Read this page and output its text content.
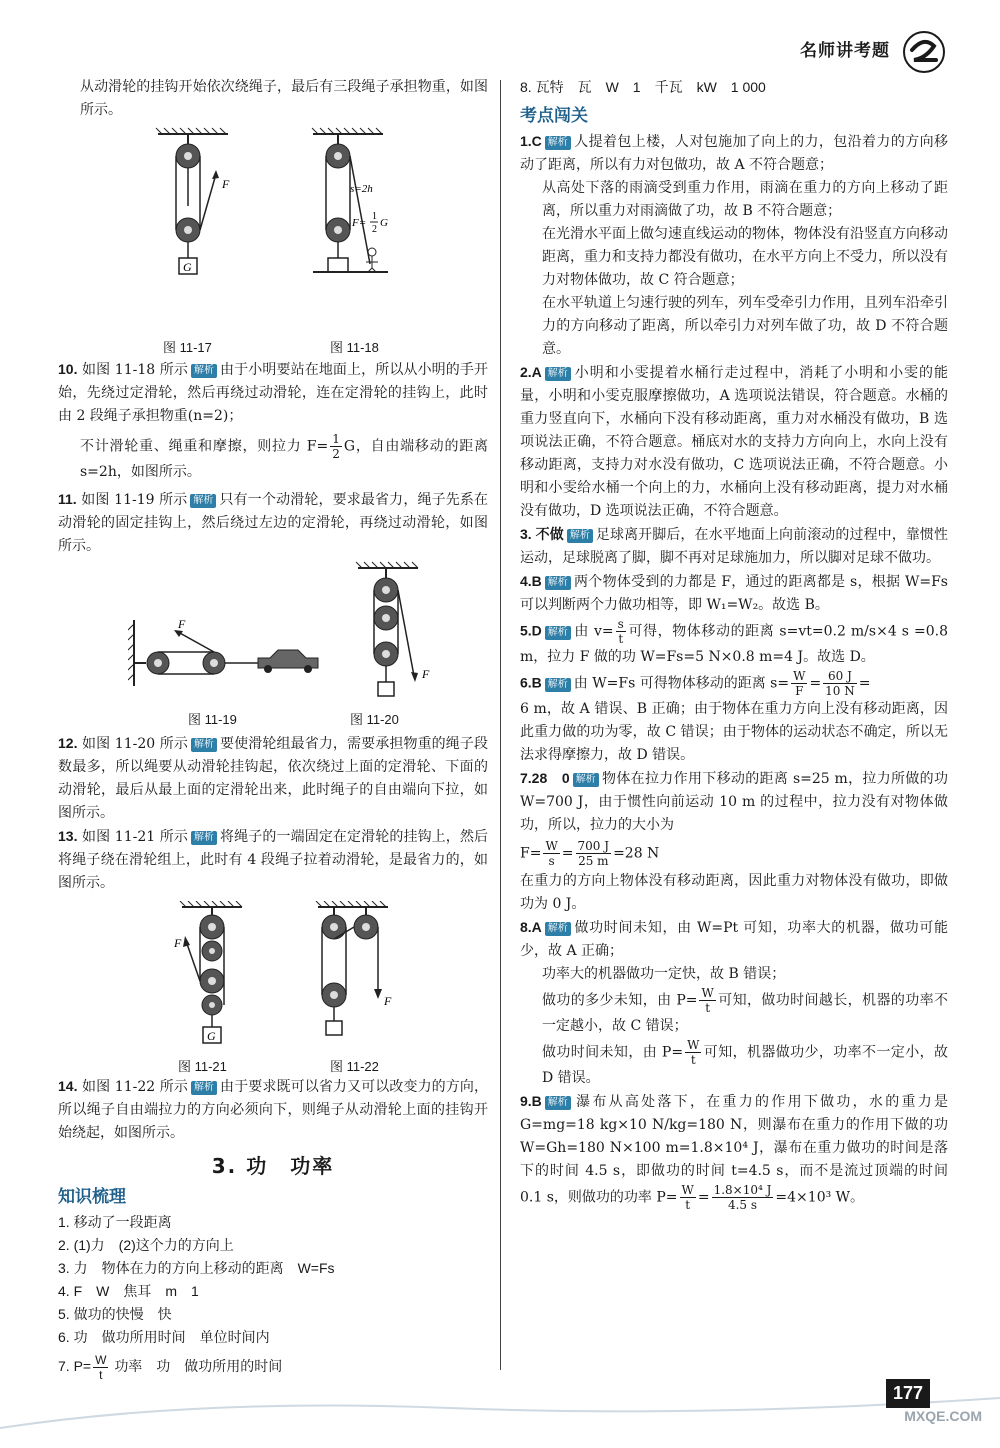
名师讲考题

从动滑轮的挂钩开始依次绕绳子，最后有三段绳子承担物重，如图所示。

F
G
s=2h
F=
1
2
G
图 11-17	图 11-18

10. 如图 11-18 所示 解析 由于小明要站在地面上，所以从小明的手开始，先绕过定滑轮，然后再绕过动滑轮，连在定滑轮的挂钩上，此时由 2 段绳子承担物重(n=2)；

不计滑轮重、绳重和摩擦，则拉力 $F= \frac{1}{2}$ G，自由端移动的距离 s=2h，如图所示。

11. 如图 11-19 所示 解析 只有一个动滑轮，要求最省力，绳子先系在动滑轮的固定挂钩上，然后绕过左边的定滑轮，再绕过动滑轮，如图所示。

F
F
图 11-19	图 11-20

12. 如图 11-20 所示 解析 要使滑轮组最省力，需要承担物重的绳子段数最多，所以绳要从动滑轮挂钩起，依次绕过上面的定滑轮、下面的动滑轮，最后从最上面的定滑轮出来，此时绳子的自由端向下拉，如图所示。

13. 如图 11-21 所示 解析 将绳子的一端固定在定滑轮的挂钩上，然后将绳子绕在滑轮组上，此时有 4 段绳子拉着动滑轮，是最省力的，如图所示。

F
G
F
图 11-21	图 11-22

14. 如图 11-22 所示 解析 由于要求既可以省力又可以改变力的方向，所以绳子自由端拉力的方向必须向下，则绳子从动滑轮上面的挂钩开始绕起，如图所示。

3. 功　功率
知识梳理
1. 移动了一段距离
2. (1)力　(2)这个力的方向上
3. 力　物体在力的方向上移动的距离　W=Fs
4. F　W　焦耳　m　1
5. 做功的快慢　快
6. 功　做功所用时间　单位时间内
7. $P= \frac{W}{t}$ 功率　功　做功所用的时间
8. 瓦特　瓦　W　1　千瓦　kW　1 000
考点闯关

1.C 解析 人提着包上楼，人对包施加了向上的力，包沿着力的方向移动了距离，所以有力对包做功，故 A 不符合题意；

从高处下落的雨滴受到重力作用，雨滴在重力的方向上移动了距离，所以重力对雨滴做了功，故 B 不符合题意；

在光滑水平面上做匀速直线运动的物体，物体没有沿竖直方向移动距离，重力和支持力都没有做功，在水平方向上不受力，所以没有力对物体做功，故 C 符合题意；

在水平轨道上匀速行驶的列车，列车受牵引力作用，且列车沿牵引力的方向移动了距离，所以牵引力对列车做了功，故 D 不符合题意。

2.A 解析 小明和小雯提着水桶行走过程中，消耗了小明和小雯的能量，小明和小雯克服摩擦做功，A 选项说法错误，符合题意。水桶的重力竖直向下，水桶向下没有移动距离，重力对水桶没有做功，B 选项说法正确，不符合题意。桶底对水的支持力方向向上，水向上没有移动距离，支持力对水没有做功，C 选项说法正确，不符合题意。小明和小雯给水桶一个向上的力，水桶向上没有移动距离，提力对水桶没有做功，D 选项说法正确，不符合题意。

3. 不做 解析 足球离开脚后，在水平地面上向前滚动的过程中，靠惯性运动，足球脱离了脚，脚不再对足球施加力，所以脚对足球不做功。

4.B 解析 两个物体受到的力都是 F，通过的距离都是 s，根据 W=Fs 可以判断两个力做功相等，即 W₁=W₂。故选 B。

5.D 解析 由 $v= \frac{s}{t}$ 可得，物体移动的距离 s=vt=0.2 m/s×4 s =0.8 m，拉力 F 做的功 W=Fs=5 N×0.8 m=4 J。故选 D。

6.B 解析 由 W=Fs 可得物体移动的距离 $s= \frac{W}{F} = \frac{60 J}{10 N}$ =

6 m，故 A 错误、B 正确；由于物体在重力方向上没有移动距离，因此重力做的功为零，故 C 错误；由于物体的运动状态不确定，所以无法求得摩擦力，故 D 错误。

7.28　0 解析 物体在拉力作用下移动的距离 s=25 m，拉力所做的功 W=700 J，由于惯性向前运动 10 m 的过程中，拉力没有对物体做功，所以，拉力的大小为

$F= \frac{W}{s} = \frac{700 J}{25 m} =28$ N

在重力的方向上物体没有移动距离，因此重力对物体没有做功，即做功为 0 J。

8.A 解析 做功时间未知，由 W=Pt 可知，功率大的机器，做功可能少，故 A 正确；

功率大的机器做功一定快，故 B 错误；

做功的多少未知，由 $P= \frac{W}{t}$ 可知，做功时间越长，机器的功率不一定越小，故 C 错误；

做功时间未知，由 $P= \frac{W}{t}$ 可知，机器做功少，功率不一定小，故 D 错误。

9.B 解析 瀑布从高处落下，在重力的作用下做功，水的重力是 G=mg=18 kg×10 N/kg=180 N，则瀑布在重力的作用下做的功 W=Gh=180 N×100 m=1.8×10⁴ J，瀑布在重力做功的时间是落下的时间 4.5 s，即做功的时间 t=4.5 s，而不是流过顶端的时间 0.1 s，则做功的功率 $P= \frac{W}{t} = \frac{\text{1.8×10⁴ J}}{4.5 s} =4\times 10^3$ W。

177
MXQE.COM
